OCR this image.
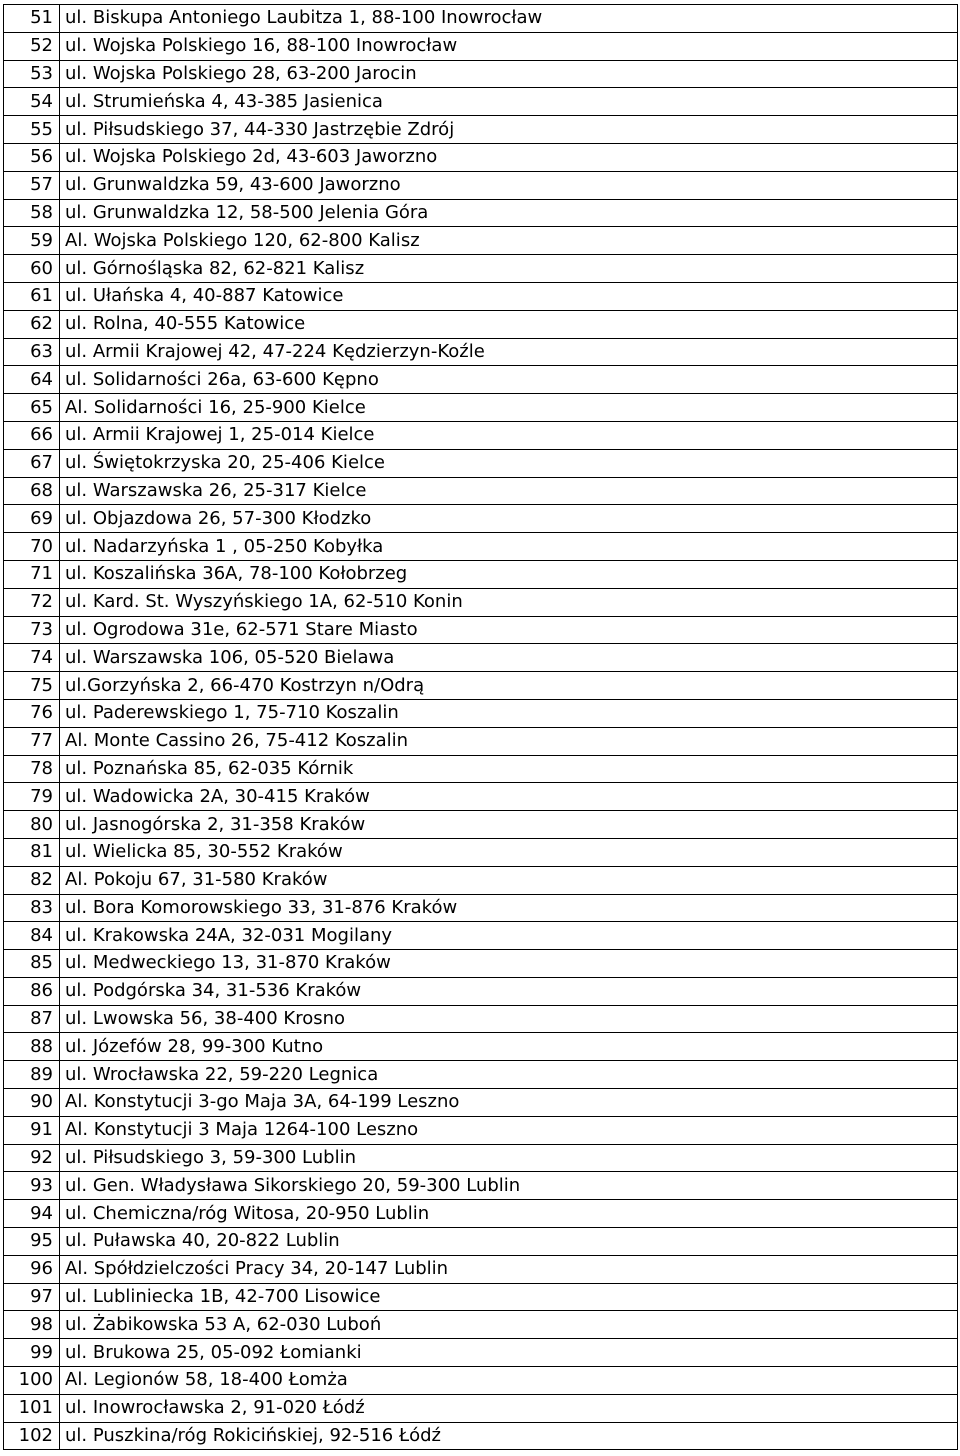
51	ul. Biskupa Antoniego Laubitza 1, 88-100 Inowrocław
52	ul. Wojska Polskiego 16, 88-100 Inowrocław
53	ul. Wojska Polskiego 28, 63-200 Jarocin
54	ul. Strumieńska 4, 43-385 Jasienica
55	ul. Piłsudskiego 37, 44-330 Jastrzębie Zdrój
56	ul. Wojska Polskiego 2d, 43-603 Jaworzno
57	ul. Grunwaldzka 59, 43-600 Jaworzno
58	ul. Grunwaldzka 12, 58-500 Jelenia Góra
59	Al. Wojska Polskiego 120, 62-800 Kalisz
60	ul. Górnośląska 82, 62-821 Kalisz
61	ul. Ułańska 4, 40-887 Katowice
62	ul. Rolna, 40-555 Katowice
63	ul. Armii Krajowej 42, 47-224 Kędzierzyn-Koźle
64	ul. Solidarności 26a, 63-600 Kępno
65	Al. Solidarności 16, 25-900 Kielce
66	ul. Armii Krajowej 1, 25-014 Kielce
67	ul. Świętokrzyska 20, 25-406 Kielce
68	ul. Warszawska 26, 25-317 Kielce
69	ul. Objazdowa 26, 57-300 Kłodzko
70	ul. Nadarzyńska 1 , 05-250 Kobyłka
71	ul. Koszalińska 36A, 78-100 Kołobrzeg
72	ul. Kard. St. Wyszyńskiego 1A, 62-510 Konin
73	ul. Ogrodowa 31e, 62-571 Stare Miasto
74	ul. Warszawska 106, 05-520 Bielawa
75	ul.Gorzyńska 2, 66-470 Kostrzyn n/Odrą
76	ul. Paderewskiego 1, 75-710 Koszalin
77	Al. Monte Cassino 26, 75-412 Koszalin
78	ul. Poznańska 85, 62-035 Kórnik
79	ul. Wadowicka 2A, 30-415 Kraków
80	ul. Jasnogórska 2, 31-358 Kraków
81	ul. Wielicka 85, 30-552 Kraków
82	Al. Pokoju 67, 31-580 Kraków
83	ul. Bora Komorowskiego 33, 31-876 Kraków
84	ul. Krakowska 24A, 32-031 Mogilany
85	ul. Medweckiego 13, 31-870 Kraków
86	ul. Podgórska 34, 31-536 Kraków
87	ul. Lwowska 56, 38-400 Krosno
88	ul. Józefów 28, 99-300 Kutno
89	ul. Wrocławska 22, 59-220 Legnica
90	Al. Konstytucji 3-go Maja 3A, 64-199 Leszno
91	Al. Konstytucji 3 Maja 1264-100 Leszno
92	ul. Piłsudskiego 3, 59-300 Lublin
93	ul. Gen. Władysława Sikorskiego 20, 59-300 Lublin
94	ul. Chemiczna/róg Witosa, 20-950 Lublin
95	ul. Puławska 40, 20-822 Lublin
96	Al. Spółdzielczości Pracy 34, 20-147 Lublin
97	ul. Lubliniecka 1B, 42-700 Lisowice
98	ul. Żabikowska 53 A, 62-030 Luboń
99	ul. Brukowa 25, 05-092 Łomianki
100	Al. Legionów 58, 18-400 Łomża
101	ul. Inowrocławska 2, 91-020 Łódź
102	ul. Puszkina/róg Rokicińskiej, 92-516 Łódź
